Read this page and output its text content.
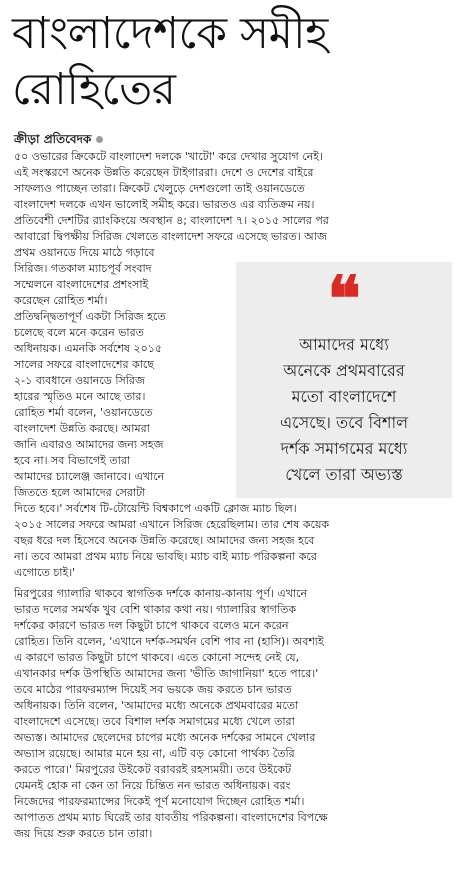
বাংলাদেশকে সমীহ
রোহিতের
ক্রীড়া প্রতিবেদক
৫০ ওভারের ক্রিকেটে বাংলাদেশ দলকে 'খাটো' করে দেখার সুযোগ নেই।
এই সংস্করণে অনেক উন্নতি করেছেন টাইগাররা। দেশে ও দেশের বাইরে
সাফল্যও পাচ্ছেন তারা। ক্রিকেট খেলুড়ে দেশগুলো তাই ওয়ানডেতে
বাংলাদেশ দলকে এখন ভালোই সমীহ করে। ভারতও এর ব্যতিক্রম নয়।
প্রতিবেশী দেশটির র‍্যাংকিংয়ে অবস্থান ৪; বাংলাদেশ ৭। ২০১৫ সালের পর
আবারো দ্বিপক্ষীয় সিরিজ খেলতে বাংলাদেশ সফরে এসেছে ভারত। আজ
প্রথম ওয়ানডে দিয়ে মাঠে গড়াবে
সিরিজ। গতকাল ম্যাচপূর্ব সংবাদ
সম্মেলনে বাংলাদেশের প্রশংসাই
করেছেন রোহিত শর্মা।
প্রতিদ্বন্দ্বিতাপূর্ণ একটা সিরিজ হতে
চলেছে বলে মনে করেন ভারত
অধিনায়ক। এমনকি সর্বশেষ ২০১৫
সালের সফরে বাংলাদেশের কাছে
২-১ ব্যবধানে ওয়ানডে সিরিজ
হারের স্মৃতিও মনে আছে তার।
রোহিত শর্মা বলেন, 'ওয়ানডেতে
বাংলাদেশ উন্নতি করছে। আমরা
জানি এবারও আমাদের জন্য সহজ
হবে না। সব বিভাগেই তারা
আমাদের চ্যালেঞ্জ জানাবে। এখানে
জিততে হলে আমাদের সেরাটা
দিতে হবে।' সর্বশেষ টি-টোয়েন্টি বিশ্বকাপে একটি ক্লোজ ম্যাচ ছিল।
২০১৫ সালের সফরে আমরা এখানে সিরিজ হেরেছিলাম। তার শেষ কয়েক
বছর ধরে দল হিসেবে অনেক উন্নতি করেছে। আমাদের জন্য সহজ হবে
না। তবে আমরা প্রথম ম্যাচ নিয়ে ভাবছি। ম্যাচ বাই ম্যাচ পরিকল্পনা করে
এগোতে চাই।'
মিরপুরের গ্যালারি থাকবে স্বাগতিক দর্শকে কানায়-কানায় পূর্ণ। এখানে
ভারত দলের সমর্থক খুব বেশি থাকার কথা নয়। গ্যালারির স্বাগতিক
দর্শকের কারণে ভারত দল কিছুটা চাপে থাকবে বলেও মনে করেন
রোহিত। তিনি বলেন, 'এখানে দর্শক-সমর্থন বেশি পাব না (হাসি)। অবশ্যই
এ কারণে ভারত কিছুটা চাপে থাকবে। এতে কোনো সন্দেহ নেই যে,
এখানকার দর্শক উপস্থিতি আমাদের জন্য 'ভীতি জাগানিয়া' হতে পারে।'
তবে মাঠের পারফরম্যান্স দিয়েই সব ভয়কে জয় করতে চান ভারত
অধিনায়ক। তিনি বলেন, 'আমাদের মধ্যে অনেকে প্রথমবারের মতো
বাংলাদেশে এসেছে। তবে বিশাল দর্শক সমাগমের মধ্যে খেলে তারা
অভ্যস্ত। আমাদের ছেলেদের চাপের মধ্যে অনেক দর্শকের সামনে খেলার
অভ্যাস রয়েছে। আমার মনে হয় না, এটি বড় কোনো পার্থক্য তৈরি
করতে পারে।' মিরপুরের উইকেট বরাবরই রহস্যময়ী। তবে উইকেট
যেমনই হোক না কেন তা নিয়ে চিন্তিত নন ভারত অধিনায়ক। বরং
নিজেদের পারফরম্যান্সের দিকেই পূর্ণ মনোযোগ দিচ্ছেন রোহিত শর্মা।
আপাতত প্রথম ম্যাচ ঘিরেই তার যাবতীয় পরিকল্পনা। বাংলাদেশের বিপক্ষে
জয় দিয়ে শুরু করতে চান তারা।
❝
আমাদের মধ্যে
অনেকে প্রথমবারের
মতো বাংলাদেশে
এসেছে। তবে বিশাল
দর্শক সমাগমের মধ্যে
খেলে তারা অভ্যস্ত
